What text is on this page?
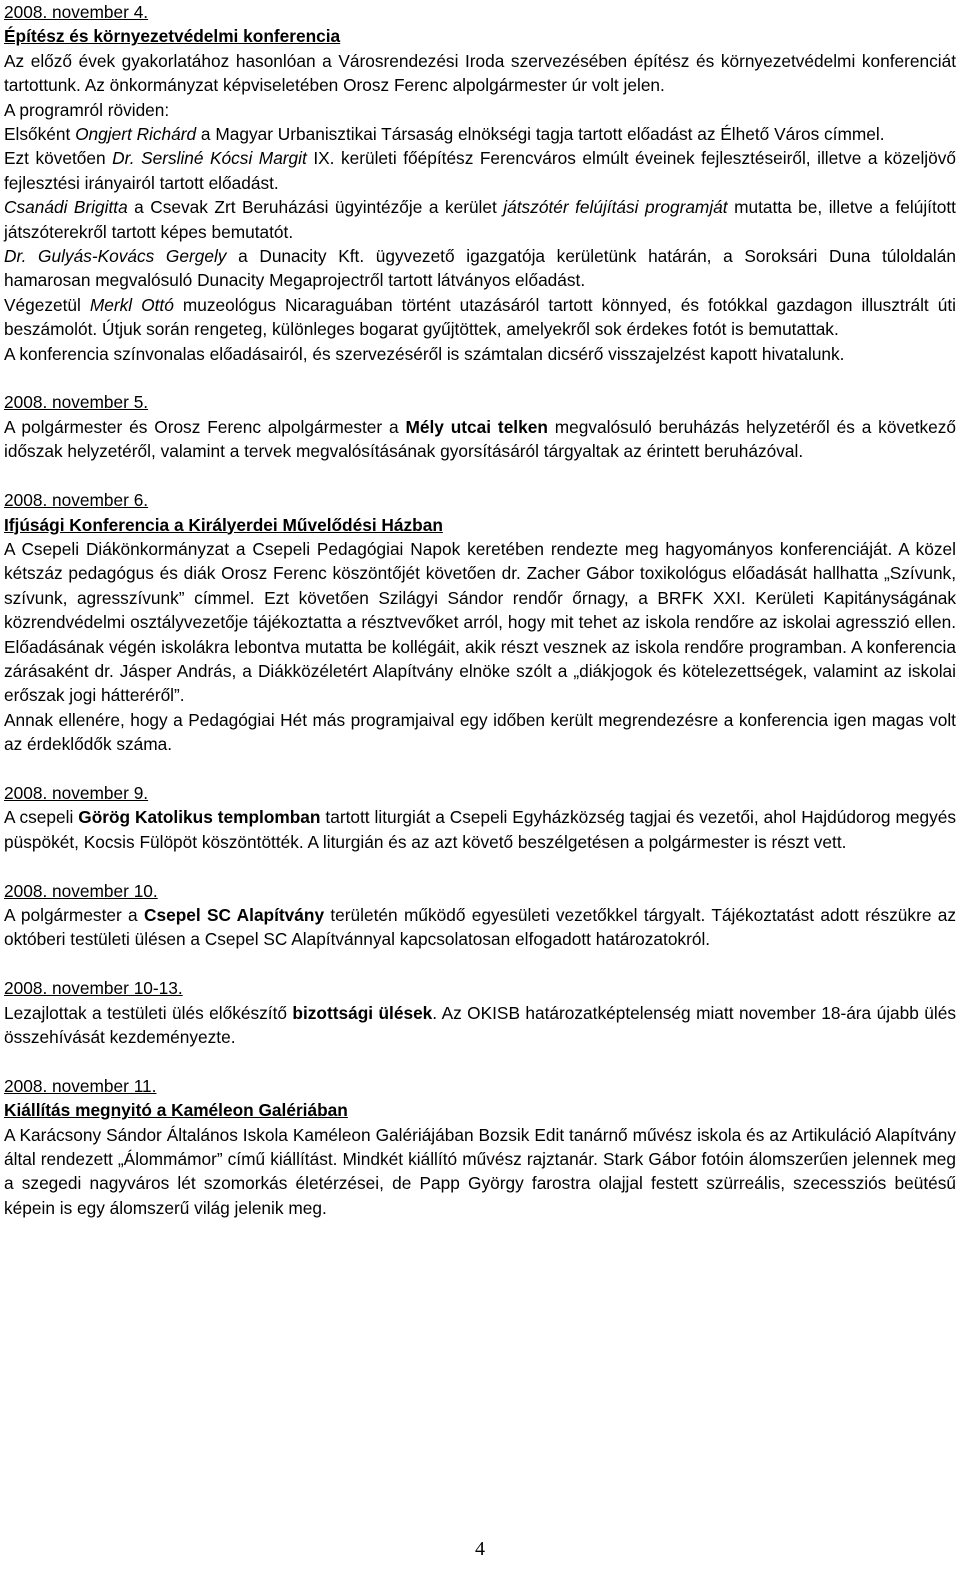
2008. november 4.
Építész és környezetvédelmi konferencia

Az előző évek gyakorlatához hasonlóan a Városrendezési Iroda szervezésében építész és környezetvédelmi konferenciát tartottunk. Az önkormányzat képviseletében Orosz Ferenc alpolgármester úr volt jelen.

A programról röviden:

Elsőként Ongjert Richárd a Magyar Urbanisztikai Társaság elnökségi tagja tartott előadást az Élhető Város címmel.

Ezt követően Dr. Sersliné Kócsi Margit IX. kerületi főépítész Ferencváros elmúlt éveinek fejlesztéseiről, illetve a közeljövő fejlesztési irányairól tartott előadást.

Csanádi Brigitta a Csevak Zrt Beruházási ügyintézője a kerület játszótér felújítási programját mutatta be, illetve a felújított játszóterekről tartott képes bemutatót.

Dr. Gulyás-Kovács Gergely a Dunacity Kft. ügyvezető igazgatója kerületünk határán, a Soroksári Duna túloldalán hamarosan megvalósuló Dunacity Megaprojectről tartott látványos előadást.

Végezetül Merkl Ottó muzeológus Nicaraguában történt utazásáról tartott könnyed, és fotókkal gazdagon illusztrált úti beszámolót. Útjuk során rengeteg, különleges bogarat gyűjtöttek, amelyekről sok érdekes fotót is bemutattak.

A konferencia színvonalas előadásairól, és szervezéséről is számtalan dicsérő visszajelzést kapott hivatalunk.

2008. november 5.

A polgármester és Orosz Ferenc alpolgármester a Mély utcai telken megvalósuló beruházás helyzetéről és a következő időszak helyzetéről, valamint a tervek megvalósításának gyorsításáról tárgyaltak az érintett beruházóval.

2008. november 6.
Ifjúsági Konferencia a Királyerdei Művelődési Házban

A Csepeli Diákönkormányzat a Csepeli Pedagógiai Napok keretében rendezte meg hagyományos konferenciáját. A közel kétszáz pedagógus és diák Orosz Ferenc köszöntőjét követően dr. Zacher Gábor toxikológus előadását hallhatta „Szívunk, szívunk, agresszívunk” címmel. Ezt követően Szilágyi Sándor rendőr őrnagy, a BRFK XXI. Kerületi Kapitányságának közrendvédelmi osztályvezetője tájékoztatta a résztvevőket arról, hogy mit tehet az iskola rendőre az iskolai agresszió ellen. Előadásának végén iskolákra lebontva mutatta be kollégáit, akik részt vesznek az iskola rendőre programban. A konferencia zárásaként dr. Jásper András, a Diákközéletért Alapítvány elnöke szólt a „diákjogok és kötelezettségek, valamint az iskolai erőszak jogi hátteréről”.

Annak ellenére, hogy a Pedagógiai Hét más programjaival egy időben került megrendezésre a konferencia igen magas volt az érdeklődők száma.

2008. november 9.

A csepeli Görög Katolikus templomban tartott liturgiát a Csepeli Egyházközség tagjai és vezetői, ahol Hajdúdorog megyés püspökét, Kocsis Fülöpöt köszöntötték. A liturgián és az azt követő beszélgetésen a polgármester is részt vett.

2008. november 10.

A polgármester a Csepel SC Alapítvány területén működő egyesületi vezetőkkel tárgyalt. Tájékoztatást adott részükre az októberi testületi ülésen a Csepel SC Alapítvánnyal kapcsolatosan elfogadott határozatokról.

2008. november 10-13.

Lezajlottak a testületi ülés előkészítő bizottsági ülések. Az OKISB határozatképtelenség miatt november 18-ára újabb ülés összehívását kezdeményezte.

2008. november 11.
Kiállítás megnyitó a Kaméleon Galériában

A Karácsony Sándor Általános Iskola Kaméleon Galériájában Bozsik Edit tanárnő művész iskola és az Artikuláció Alapítvány által rendezett „Álommámor” című kiállítást. Mindkét kiállító művész rajztanár. Stark Gábor fotóin álomszerűen jelennek meg a szegedi nagyváros lét szomorkás életérzései, de Papp György farostra olajjal festett szürreális, szecessziós beütésű képein is egy álomszerű világ jelenik meg.

4
